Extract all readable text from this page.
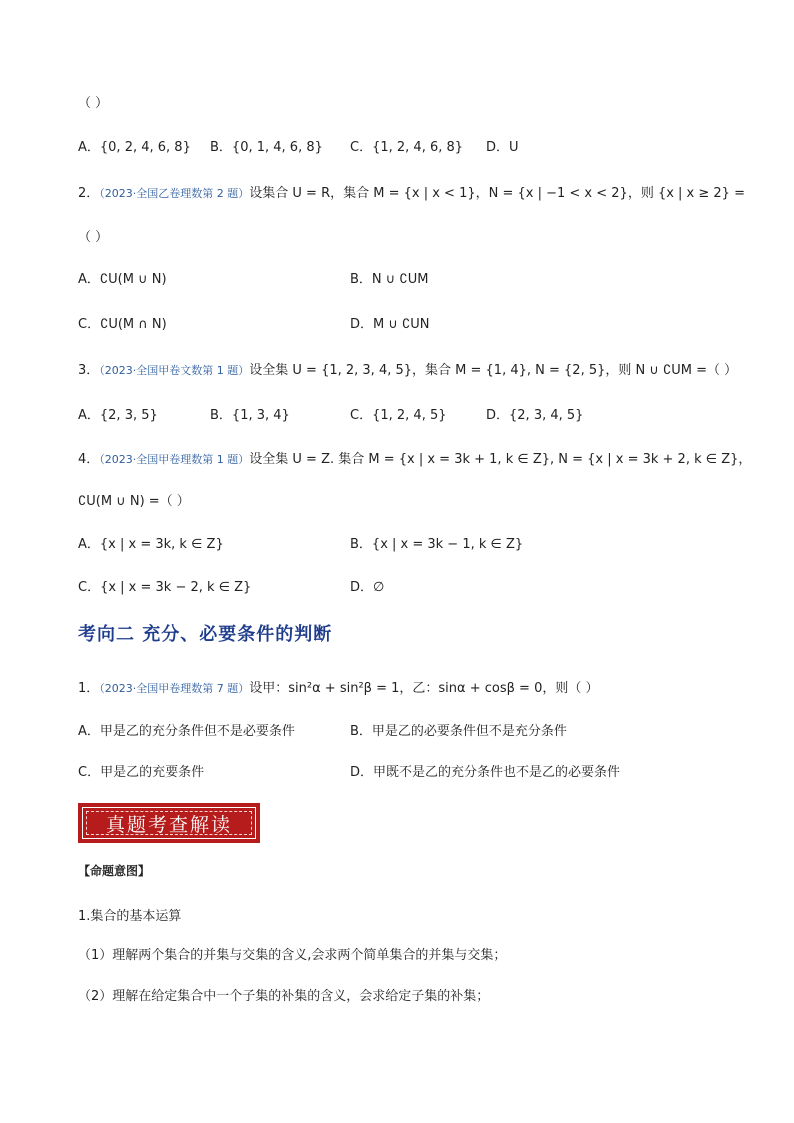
（ ）
A．{0, 2, 4, 6, 8} B．{0, 1, 4, 6, 8} C．{1, 2, 4, 6, 8} D．U
2．（2023·全国乙卷理数第 2 题）设集合 U = R，集合 M = {x | x < 1}，N = {x | −1 < x < 2}，则 {x | x ≥ 2} =
（ ）
A．∁U(M ∪ N)	B．N ∪ ∁UM
C．∁U(M ∩ N)	D．M ∪ ∁UN
3．（2023·全国甲卷文数第 1 题）设全集 U = {1, 2, 3, 4, 5}，集合 M = {1, 4}, N = {2, 5}，则 N ∪ ∁UM =（ ）
A．{2, 3, 5}	B．{1, 3, 4}	C．{1, 2, 4, 5}	D．{2, 3, 4, 5}
4．（2023·全国甲卷理数第 1 题）设全集 U = Z. 集合 M = {x | x = 3k + 1, k ∈ Z}, N = {x | x = 3k + 2, k ∈ Z}，
∁U(M ∪ N) =（ ）
A．{x | x = 3k, k ∈ Z}	B．{x | x = 3k − 1, k ∈ Z}
C．{x | x = 3k − 2, k ∈ Z}	D．∅
考向二 充分、必要条件的判断
1．（2023·全国甲卷理数第 7 题）设甲：sin²α + sin²β = 1，乙：sinα + cosβ = 0，则（ ）
A．甲是乙的充分条件但不是必要条件	B．甲是乙的必要条件但不是充分条件
C．甲是乙的充要条件	D．甲既不是乙的充分条件也不是乙的必要条件
真题考查解读
【命题意图】
1.集合的基本运算
（1）理解两个集合的并集与交集的含义,会求两个简单集合的并集与交集；
（2）理解在给定集合中一个子集的补集的含义，会求给定子集的补集；
